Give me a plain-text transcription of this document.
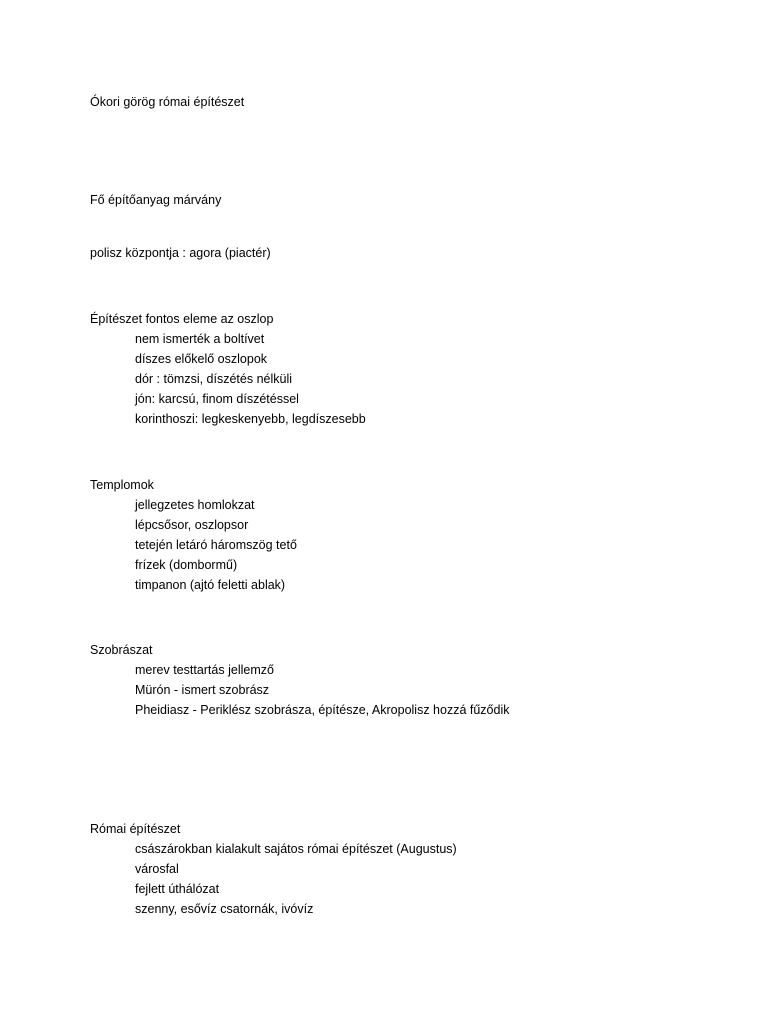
Ókori görög római építészet
Fő építőanyag márvány
polisz központja : agora (piactér)
Építészet fontos eleme az oszlop
nem ismerték a boltívet
díszes előkelő oszlopok
dór : tömzsi, díszétés nélküli
jón: karcsú, finom díszétéssel
korinthoszi: legkeskenyebb, legdíszesebb
Templomok
jellegzetes homlokzat
lépcsősor, oszlopsor
tetején letáró háromszög tető
frízek (dombormű)
timpanon (ajtó feletti ablak)
Szobrászat
merev testtartás jellemző
Mürón - ismert szobrász
Pheidiasz - Periklész szobrásza, építésze, Akropolisz hozzá fűződik
Római építészet
császárokban kialakult sajátos római építészet (Augustus)
városfal
fejlett úthálózat
szenny, esővíz csatornák, ivóvíz
